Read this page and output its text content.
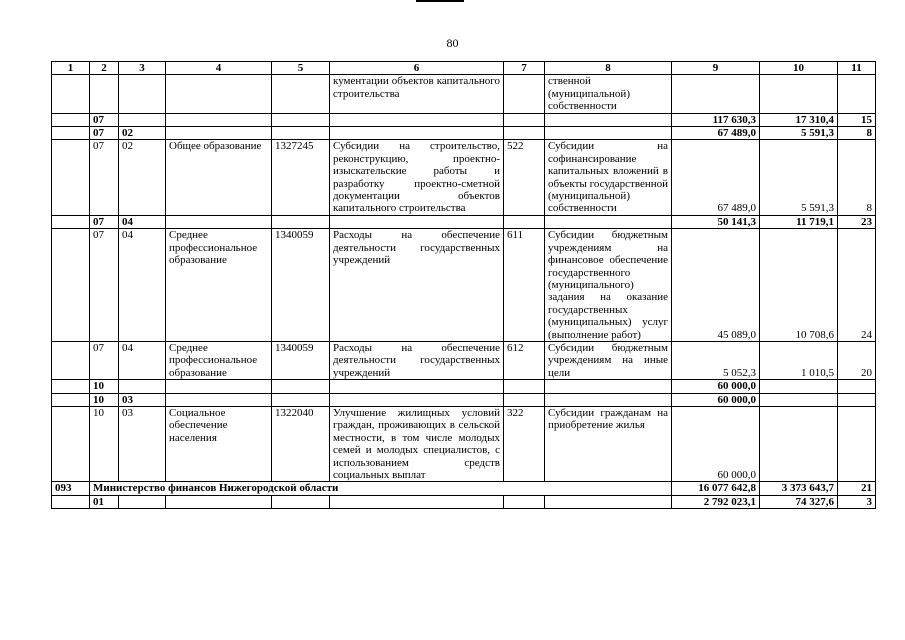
80
1	2	3	4	5	6	7	8	9	10	11
					кументации объектов капитального строительства		ственной (муниципальной) собственности			
	07							117 630,3	17 310,4	15
	07	02						67 489,0	5 591,3	8
	07	02	Общее образование	1327245	Субсидии на строительство, реконструкцию, проектно-изыскательские работы и разработку проектно-сметной документации объектов капитального строительства	522	Субсидии на софинансирование капитальных вложений в объекты государственной (муниципальной) собственности	67 489,0	5 591,3	8
	07	04						50 141,3	11 719,1	23
	07	04	Среднее профессиональное образование	1340059	Расходы на обеспечение деятельности государственных учреждений	611	Субсидии бюджетным учреждениям на финансовое обеспечение государственного (муниципального) задания на оказание государственных (муниципальных) услуг (выполнение работ)	45 089,0	10 708,6	24
	07	04	Среднее профессиональное образование	1340059	Расходы на обеспечение деятельности государственных учреждений	612	Субсидии бюджетным учреждениям на иные цели	5 052,3	1 010,5	20
	10							60 000,0		
	10	03						60 000,0		
	10	03	Социальное обеспечение населения	1322040	Улучшение жилищных условий граждан, проживающих в сельской местности, в том числе молодых семей и молодых специалистов, с использованием средств социальных выплат	322	Субсидии гражданам на приобретение жилья	60 000,0		
093	Министерство финансов Нижегородской области							16 077 642,8	3 373 643,7	21
	01							2 792 023,1	74 327,6	3
